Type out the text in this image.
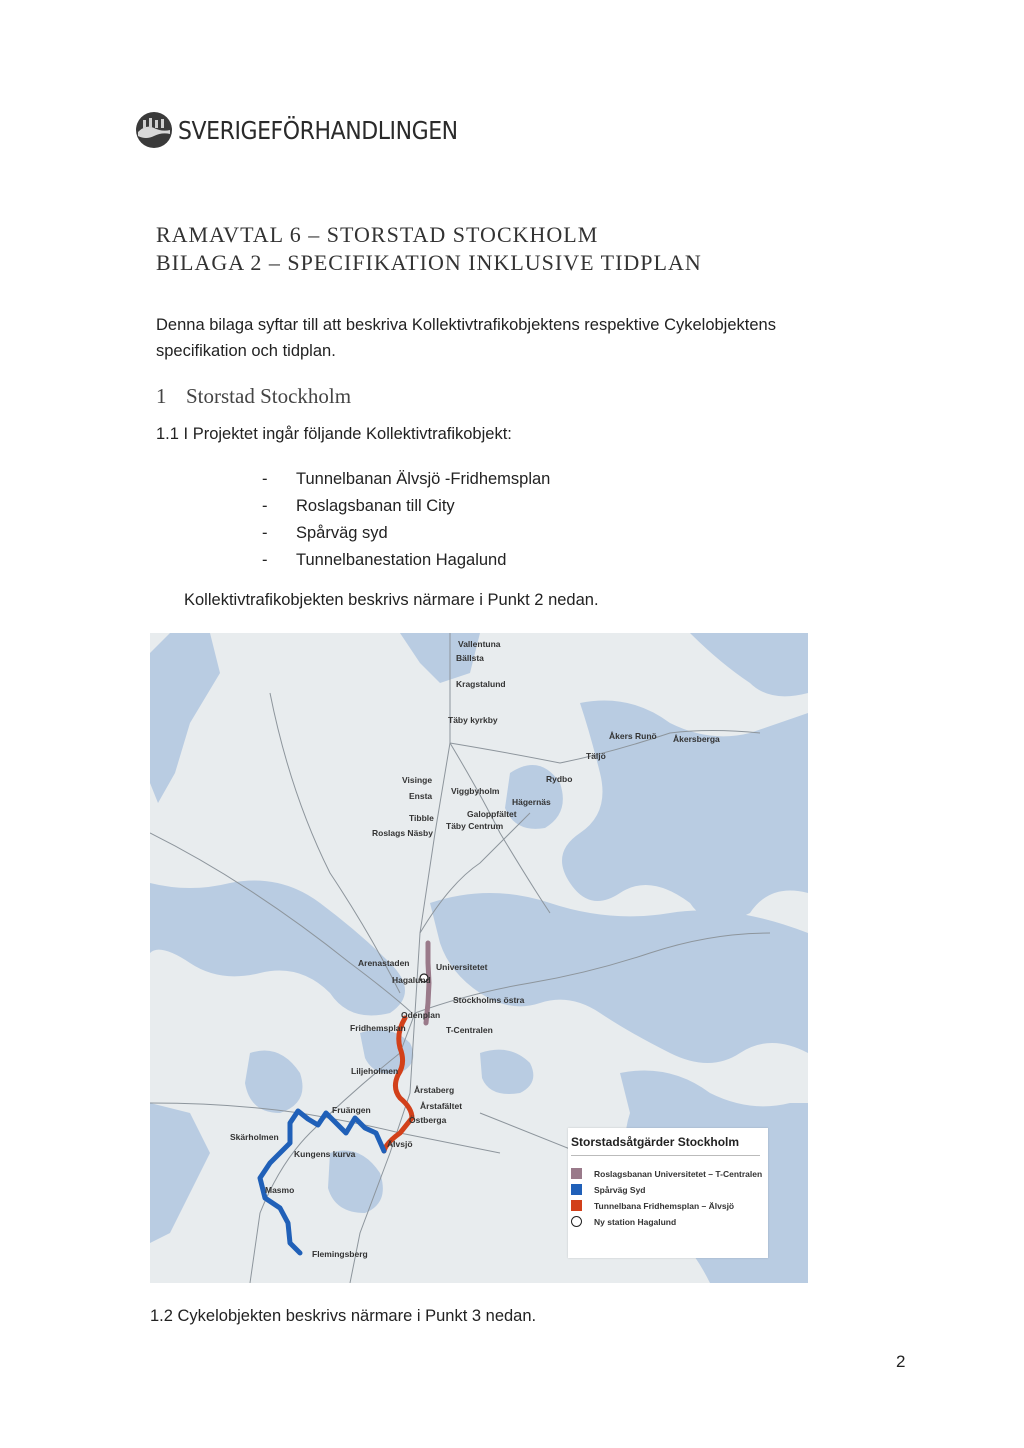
SVERIGEFÖRHANDLINGEN
RAMAVTAL 6 – STORSTAD STOCKHOLM
BILAGA 2 – SPECIFIKATION INKLUSIVE TIDPLAN
Denna bilaga syftar till att beskriva Kollektivtrafikobjektens respektive Cykelobjektens specifikation och tidplan.
1 Storstad Stockholm
1.1 I Projektet ingår följande Kollektivtrafikobjekt:
- Tunnelbanan Älvsjö -Fridhemsplan
- Roslagsbanan till City
- Spårväg syd
- Tunnelbanestation Hagalund
Kollektivtrafikobjekten beskrivs närmare i Punkt 2 nedan.
Vallentuna
Bällsta
Kragstalund
Täby kyrkby
Åkers Runö Åkersberga
Täljö
Rydbo
Visinge
Ensta Viggbyholm
Hägernäs
Galoppfältet
Tibble
Täby Centrum
Roslags Näsby
Arenastaden	Universitetet
Hagalund
Stockholms östra
Odenplan
Fridhemsplan	T-Centralen
Liljeholmen
Årstaberg
Årstafältet
Östberga
Fruängen
Skärholmen
Älvsjö
Kungens kurva
Masmo
Flemingsberg
Storstadsåtgärder Stockholm
Roslagsbanan Universitetet – T-Centralen
Spårväg Syd
Tunnelbana Fridhemsplan – Älvsjö
Ny station Hagalund
1.2 Cykelobjekten beskrivs närmare i Punkt 3 nedan.
2
